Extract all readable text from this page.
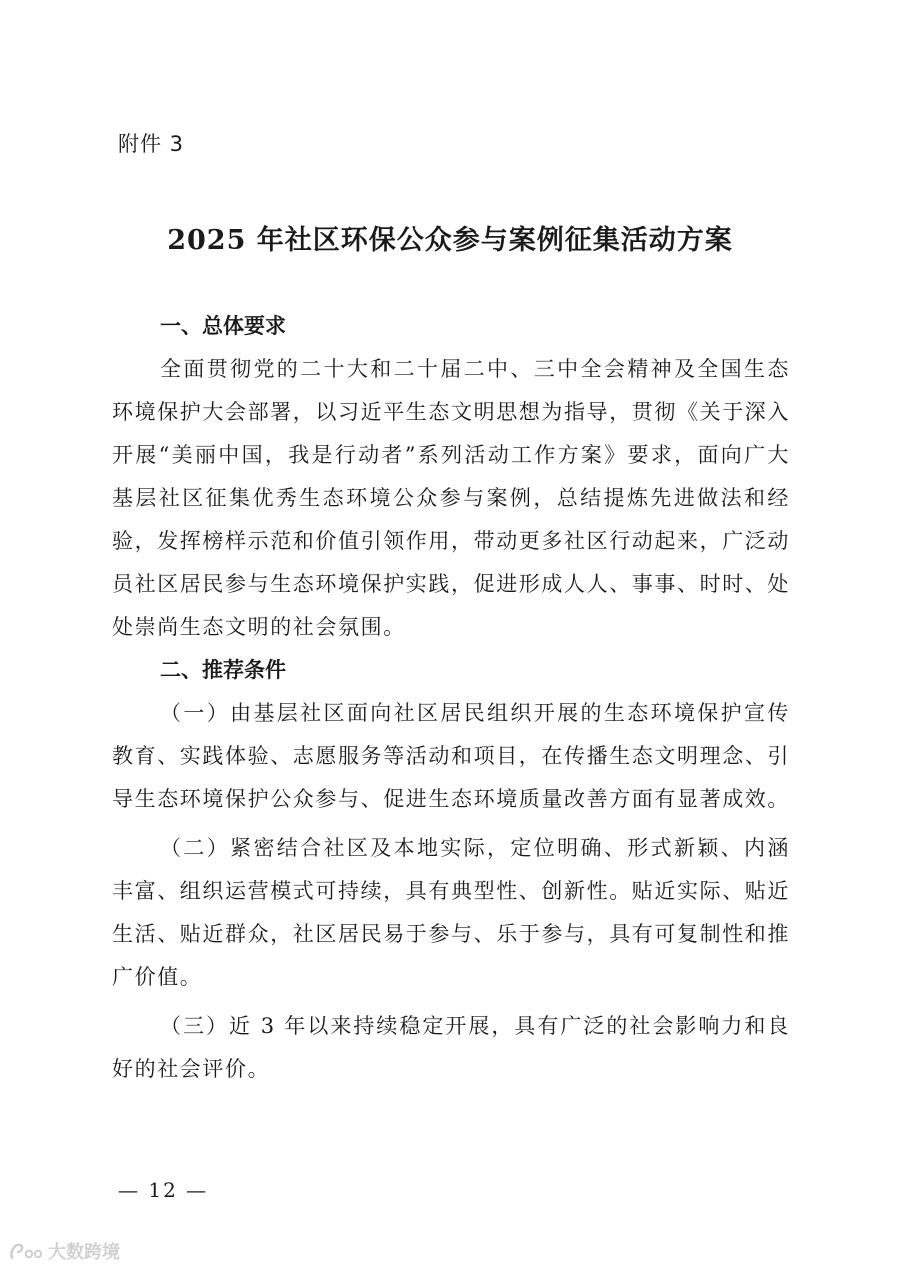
附件 3
2025 年社区环保公众参与案例征集活动方案
一、总体要求

全面贯彻党的二十大和二十届二中、三中全会精神及全国生态环境保护大会部署，以习近平生态文明思想为指导，贯彻《关于深入开展“美丽中国，我是行动者”系列活动工作方案》要求，面向广大基层社区征集优秀生态环境公众参与案例，总结提炼先进做法和经验，发挥榜样示范和价值引领作用，带动更多社区行动起来，广泛动员社区居民参与生态环境保护实践，促进形成人人、事事、时时、处处崇尚生态文明的社会氛围。

二、推荐条件

（一）由基层社区面向社区居民组织开展的生态环境保护宣传教育、实践体验、志愿服务等活动和项目，在传播生态文明理念、引导生态环境保护公众参与、促进生态环境质量改善方面有显著成效。

（二）紧密结合社区及本地实际，定位明确、形式新颖、内涵丰富、组织运营模式可持续，具有典型性、创新性。贴近实际、贴近生活、贴近群众，社区居民易于参与、乐于参与，具有可复制性和推广价值。

（三）近 3 年以来持续稳定开展，具有广泛的社会影响力和良好的社会评价。

— 12 —
大数跨境
